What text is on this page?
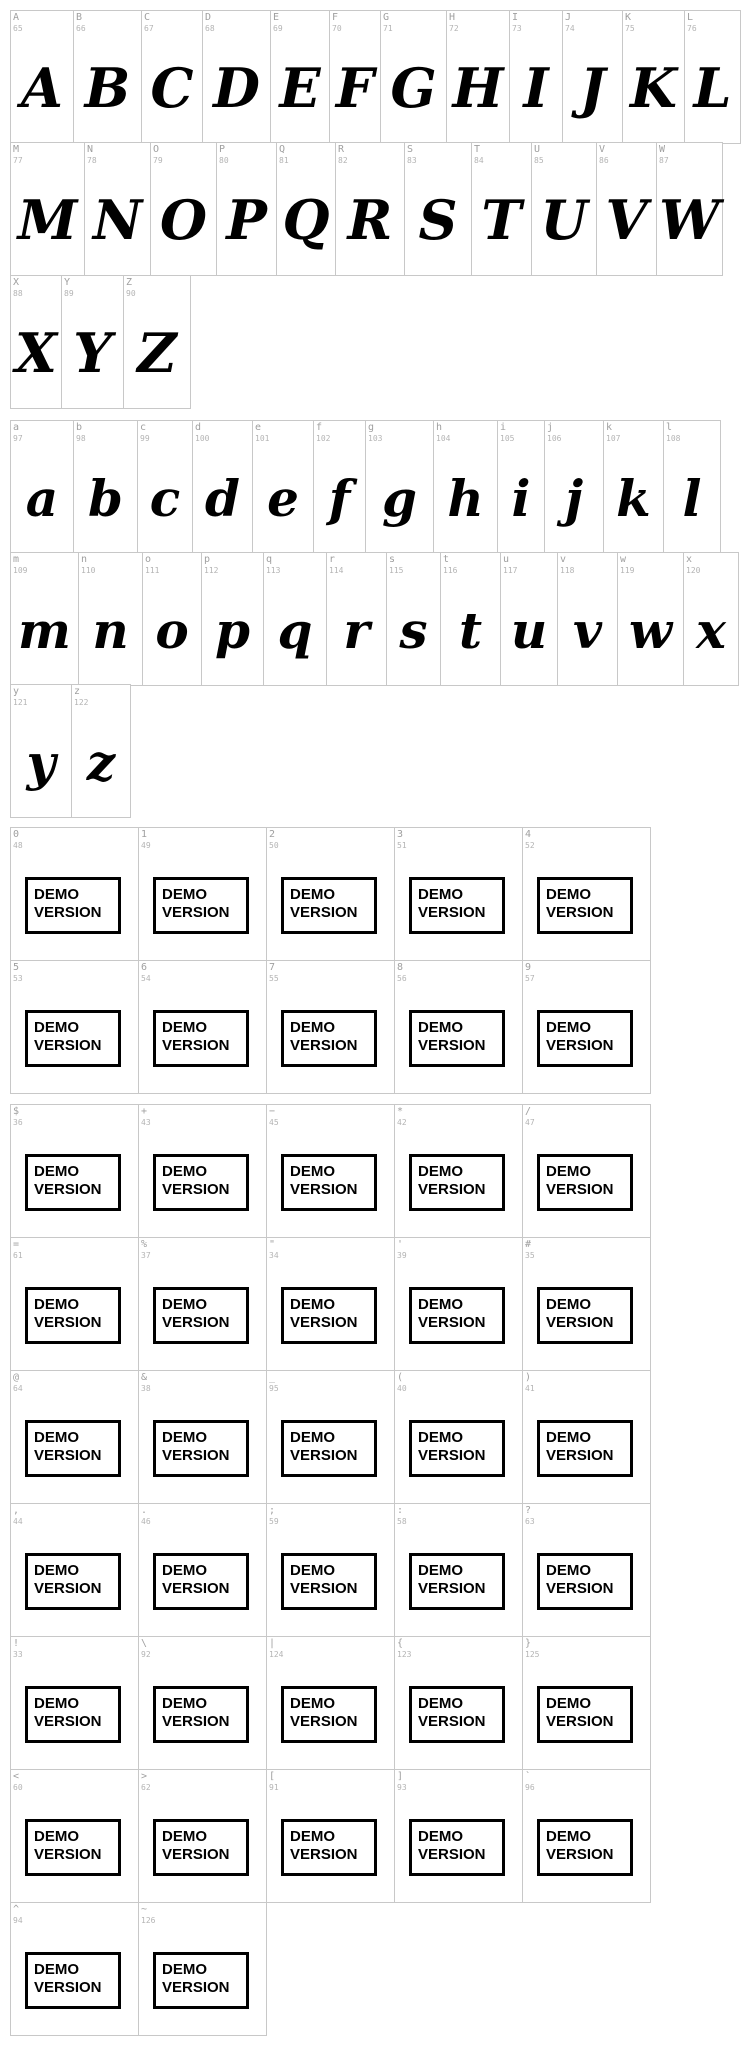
A
65
A
B
66
B
C
67
C
D
68
D
E
69
E
F
70
F
G
71
G
H
72
H
I
73
I
J
74
J
K
75
K
L
76
L
M
77
M
N
78
N
O
79
O
P
80
P
Q
81
Q
R
82
R
S
83
S
T
84
T
U
85
U
V
86
V
W
87
W
X
88
X
Y
89
Y
Z
90
Z
a
97
a
b
98
b
c
99
c
d
100
d
e
101
e
f
102
f
g
103
g
h
104
h
i
105
i
j
106
j
k
107
k
l
108
l
m
109
m
n
110
n
o
111
o
p
112
p
q
113
q
r
114
r
s
115
s
t
116
t
u
117
u
v
118
v
w
119
w
x
120
x
y
121
y
z
122
z
0
48
DEMO
VERSION
1
49
DEMO
VERSION
2
50
DEMO
VERSION
3
51
DEMO
VERSION
4
52
DEMO
VERSION
5
53
DEMO
VERSION
6
54
DEMO
VERSION
7
55
DEMO
VERSION
8
56
DEMO
VERSION
9
57
DEMO
VERSION
$
36
DEMO
VERSION
+
43
DEMO
VERSION
−
45
DEMO
VERSION
*
42
DEMO
VERSION
/
47
DEMO
VERSION
=
61
DEMO
VERSION
%
37
DEMO
VERSION
"
34
DEMO
VERSION
'
39
DEMO
VERSION
#
35
DEMO
VERSION
@
64
DEMO
VERSION
&
38
DEMO
VERSION
_
95
DEMO
VERSION
(
40
DEMO
VERSION
)
41
DEMO
VERSION
,
44
DEMO
VERSION
.
46
DEMO
VERSION
;
59
DEMO
VERSION
:
58
DEMO
VERSION
?
63
DEMO
VERSION
!
33
DEMO
VERSION
\
92
DEMO
VERSION
|
124
DEMO
VERSION
{
123
DEMO
VERSION
}
125
DEMO
VERSION
<
60
DEMO
VERSION
>
62
DEMO
VERSION
[
91
DEMO
VERSION
]
93
DEMO
VERSION
`
96
DEMO
VERSION
^
94
DEMO
VERSION
~
126
DEMO
VERSION
